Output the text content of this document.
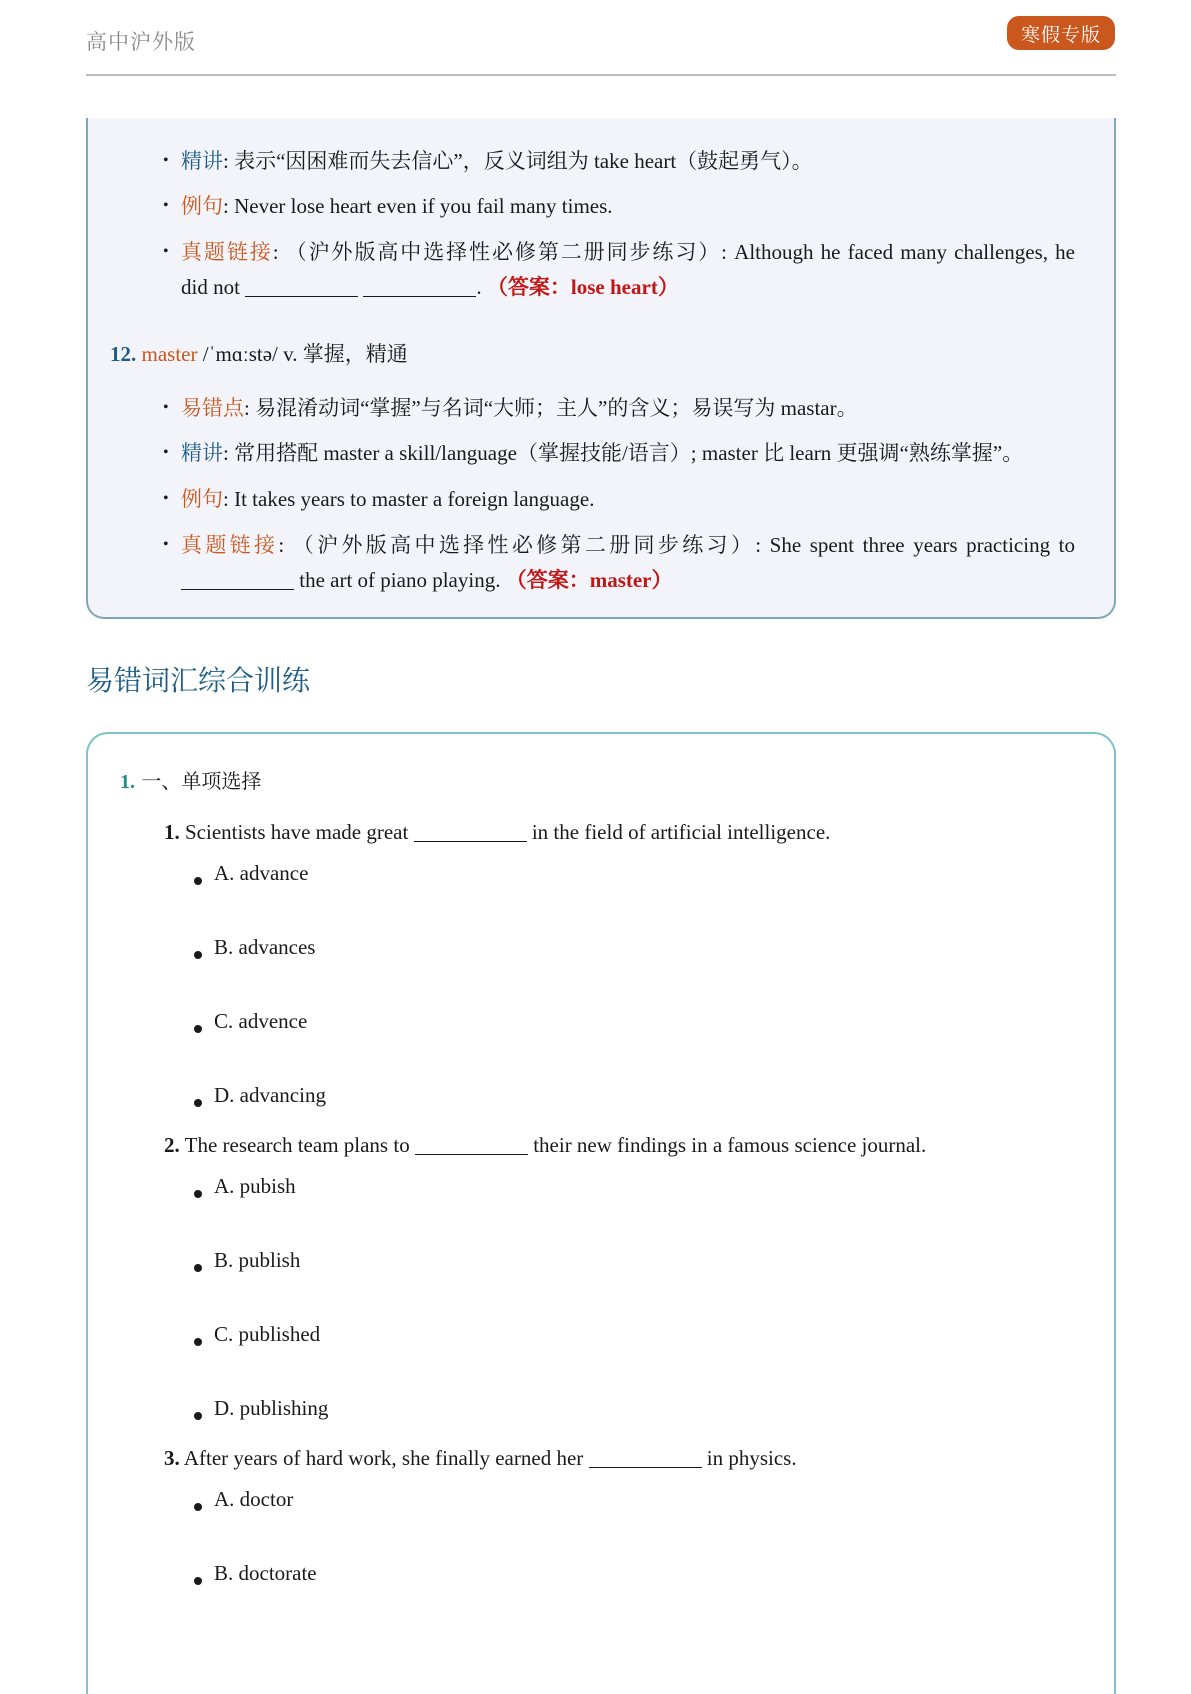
高中沪外版	寒假专版
• 精讲: 表示“因困难而失去信心”，反义词组为 take heart（鼓起勇气）。
• 例句: Never lose heart even if you fail many times.
• 真题链接: （沪外版高中选择性必修第二册同步练习）: Although he faced many challenges, he
did not	. （答案：lose heart）
12. master /ˈmɑːstə/ v. 掌握，精通
• 易错点: 易混淆动词“掌握”与名词“大师；主人”的含义；易误写为 mastar。
• 精讲: 常用搭配 master a skill/language（掌握技能/语言）; master 比 learn 更强调“熟练掌握”。
• 例句: It takes years to master a foreign language.
• 真题链接: （沪外版高中选择性必修第二册同步练习）: She spent three years practicing to
the art of piano playing. （答案：master）
易错词汇综合训练
1. 一、单项选择
1. Scientists have made great	in the field of artificial intelligence.
A. advance
B. advances
C. advence
D. advancing
2. The research team plans to	their new findings in a famous science journal.
A. pubish
B. publish
C. published
D. publishing
3. After years of hard work, she finally earned her	in physics.
A. doctor
B. doctorate
